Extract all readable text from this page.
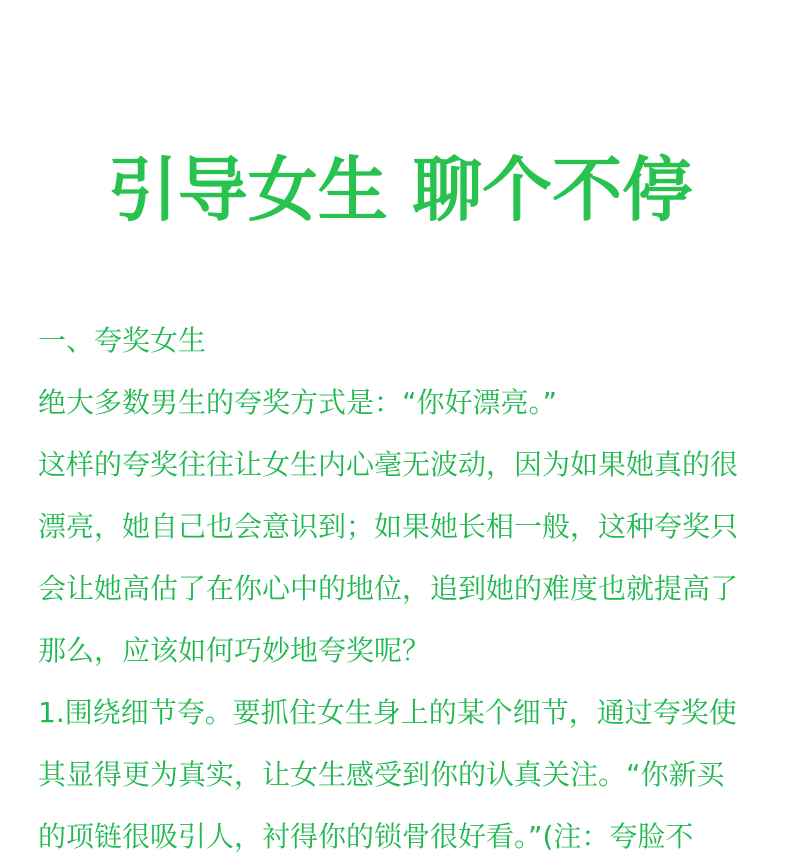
引导女生 聊个不停
一、夸奖女生
绝大多数男生的夸奖方式是：“你好漂亮。”
这样的夸奖往往让女生内心毫无波动，因为如果她真的很
漂亮，她自己也会意识到；如果她长相一般，这种夸奖只
会让她高估了在你心中的地位，追到她的难度也就提高了
那么，应该如何巧妙地夸奖呢？
1.围绕细节夸。要抓住女生身上的某个细节，通过夸奖使
其显得更为真实，让女生感受到你的认真关注。“你新买
的项链很吸引人，衬得你的锁骨很好看。”(注：夸脸不
